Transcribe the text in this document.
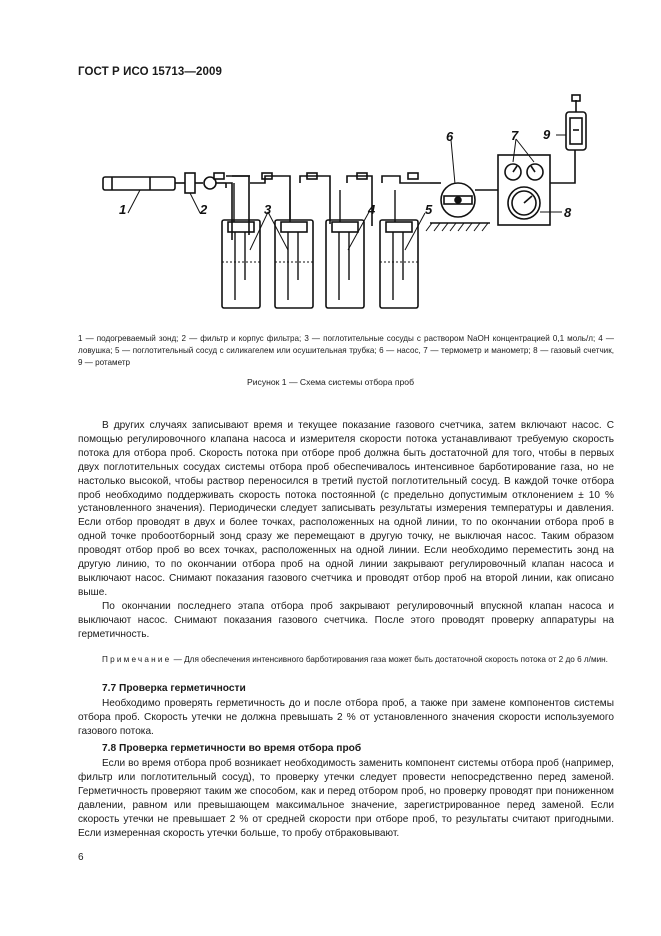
ГОСТ Р ИСО 15713—2009
1	2	3	4	5
6	7
8
9
1 — подогреваемый зонд; 2 — фильтр и корпус фильтра; 3 — поглотительные сосуды с раствором NaOH концентрацией 0,1 моль/л; 4 — ловушка; 5 — поглотительный сосуд с силикагелем или осушительная трубка; 6 — насос, 7 — термометр и манометр; 8 — газовый счетчик, 9 — ротаметр
Рисунок 1 — Схема системы отбора проб

В других случаях записывают время и текущее показание газового счетчика, затем включают насос. С помощью регулировочного клапана насоса и измерителя скорости потока устанавливают требуемую скорость потока для отбора проб. Скорость потока при отборе проб должна быть достаточной для того, чтобы в первых двух поглотительных сосудах системы отбора проб обеспечивалось интенсивное барботирование газа, но не настолько высокой, чтобы раствор переносился в третий пустой поглотительный сосуд. В каждой точке отбора проб необходимо поддерживать скорость потока постоянной (с предельно допустимым отклонением ± 10 % установленного значения). Периодически следует записывать результаты измерения температуры и давления. Если отбор проводят в двух и более точках, расположенных на одной линии, то по окончании отбора проб в одной точке пробоотборный зонд сразу же перемещают в другую точку, не выключая насос. Таким образом проводят отбор проб во всех точках, расположенных на одной линии. Если необходимо переместить зонд на другую линию, то по окончании отбора проб на одной линии закрывают регулировочный клапан насоса и выключают насос. Снимают показания газового счетчика и проводят отбор проб на второй линии, как описано выше.

По окончании последнего этапа отбора проб закрывают регулировочный впускной клапан насоса и выключают насос. Снимают показания газового счетчика. После этого проводят проверку аппаратуры на герметичность.

Примечание — Для обеспечения интенсивного барботирования газа может быть достаточной скорость потока от 2 до 6 л/мин.

7.7 Проверка герметичности

Необходимо проверять герметичность до и после отбора проб, а также при замене компонентов системы отбора проб. Скорость утечки не должна превышать 2 % от установленного значения скорости используемого газового потока.

7.8 Проверка герметичности во время отбора проб

Если во время отбора проб возникает необходимость заменить компонент системы отбора проб (например, фильтр или поглотительный сосуд), то проверку утечки следует провести непосредственно перед заменой. Герметичность проверяют таким же способом, как и перед отбором проб, но проверку проводят при пониженном давлении, равном или превышающем максимальное значение, зарегистрированное перед заменой. Если скорость утечки не превышает 2 % от средней скорости при отборе проб, то результаты считают пригодными. Если измеренная скорость утечки больше, то пробу отбраковывают.

6
